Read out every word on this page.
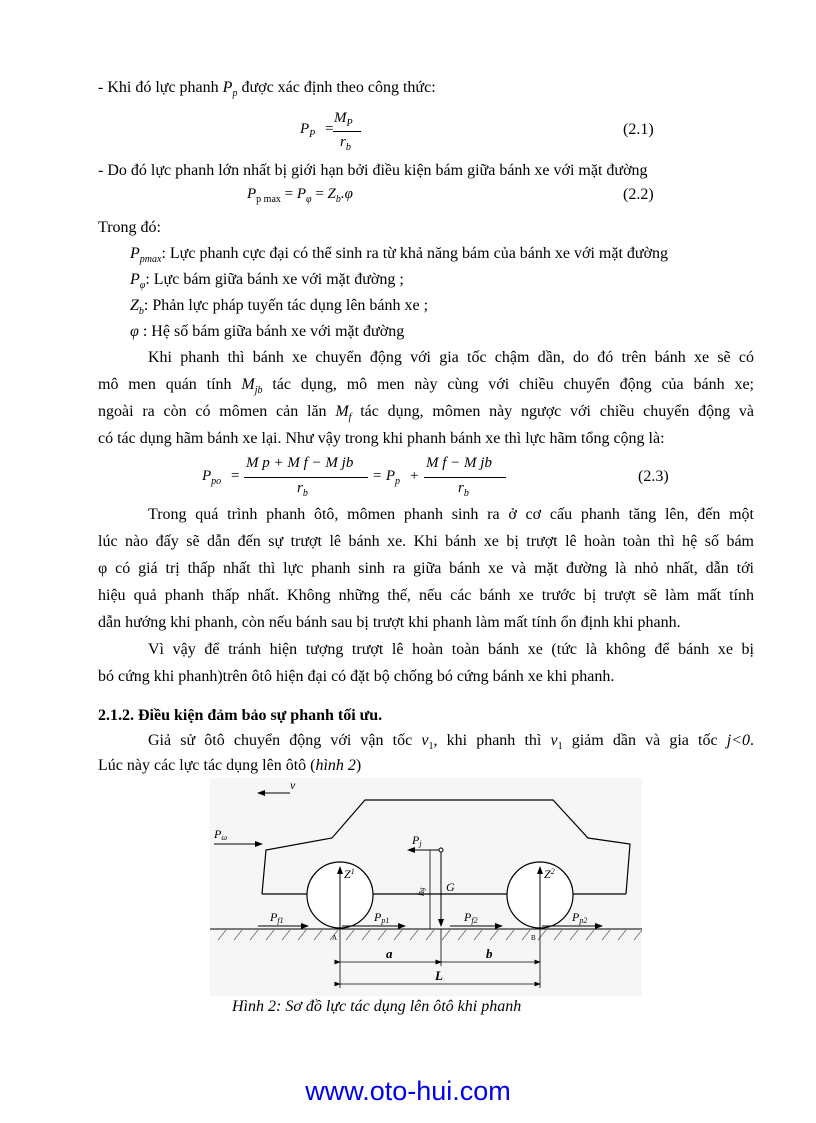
- Khi đó lực phanh $P_p$ được xác định theo công thức:
$P_P$ =
$M_P$
$r_b$
(2.1)
- Do đó lực phanh lớn nhất bị giới hạn bởi điều kiện bám giữa bánh xe với mặt đường
$P_{p max} = P_\varphi = Z_b.\varphi$	(2.2)
Trong đó:
$P_{pmax}$: Lực phanh cực đại có thể sinh ra từ khả năng bám của bánh xe với mặt đường
$P_\varphi$: Lực bám giữa bánh xe với mặt đường ;
$Z_b$: Phản lực pháp tuyến tác dụng lên bánh xe ;
φ : Hệ số bám giữa bánh xe với mặt đường
Khi phanh thì bánh xe chuyển động với gia tốc chậm dần, do đó trên bánh xe sẽ có
mô men quán tính $M_{jb}$ tác dụng, mô men này cùng với chiều chuyển động của bánh xe;
ngoài ra còn có mômen cản lăn $M_f$ tác dụng, mômen này ngược với chiều chuyển động và
có tác dụng hãm bánh xe lại. Như vậy trong khi phanh bánh xe thì lực hãm tổng cộng là:
$P_{po}$ =
M p + M f − M jb
$r_b$
= $P_p$ +
M f − M jb
$r_b$
(2.3)
Trong quá trình phanh ôtô, mômen phanh sinh ra ở cơ cấu phanh tăng lên, đến một
lúc nào đấy sẽ dẫn đến sự trượt lê bánh xe. Khi bánh xe bị trượt lê hoàn toàn thì hệ số bám
φ có giá trị thấp nhất thì lực phanh sinh ra giữa bánh xe và mặt đường là nhỏ nhất, dẫn tới
hiệu quả phanh thấp nhất. Không những thế, nếu các bánh xe trước bị trượt sẽ làm mất tính
dẫn hướng khi phanh, còn nếu bánh sau bị trượt khi phanh làm mất tính ổn định khi phanh.
Vì vậy để tránh hiện tượng trượt lê hoàn toàn bánh xe (tức là không để bánh xe bị
bó cứng khi phanh)trên ôtô hiện đại có đặt bộ chống bó cứng bánh xe khi phanh.
2.1.2. Điều kiện đảm bảo sự phanh tối ưu.
Giả sử ôtô chuyển động với vận tốc $v_1$, khi phanh thì $v_1$ giảm dần và gia tốc j<0.
Lúc này các lực tác dụng lên ôtô (hình 2)
v
Pω	Pj
G
hg
$Z^1$	$Z^2$
Pf1	Pp1	Pf2	Pp2
A	B
a	b
L
Hình 2: Sơ đồ lực tác dụng lên ôtô khi phanh
www.oto-hui.com
